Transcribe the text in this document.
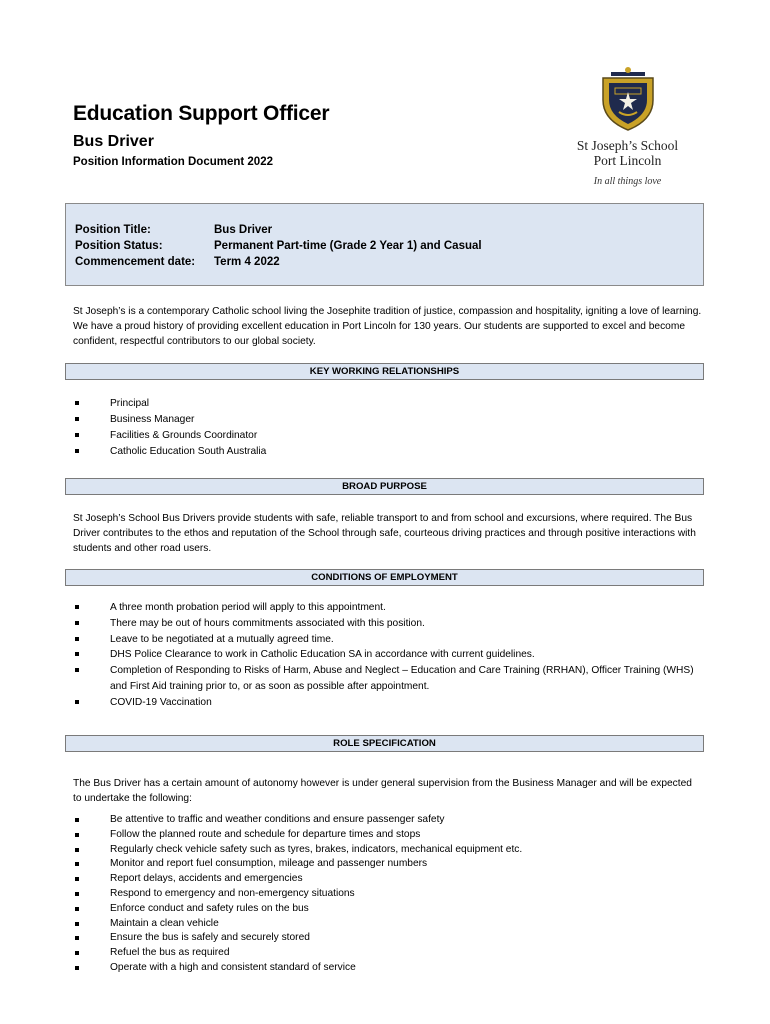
Education Support Officer
Bus Driver
Position Information Document 2022
St Joseph’s School
Port Lincoln
In all things love
Position Title:	Bus Driver
Position Status:	Permanent Part-time (Grade 2 Year 1) and Casual
Commencement date: Term 4 2022

St Joseph’s is a contemporary Catholic school living the Josephite tradition of justice, compassion and hospitality, igniting a love of learning. We have a proud history of providing excellent education in Port Lincoln for 130 years. Our students are supported to excel and become confident, respectful contributors to our global society.

KEY WORKING RELATIONSHIPS
Principal
Business Manager
Facilities & Grounds Coordinator
Catholic Education South Australia
BROAD PURPOSE

St Joseph’s School Bus Drivers provide students with safe, reliable transport to and from school and excursions, where required. The Bus Driver contributes to the ethos and reputation of the School through safe, courteous driving practices and through positive interactions with students and other road users.

CONDITIONS OF EMPLOYMENT
A three month probation period will apply to this appointment.
There may be out of hours commitments associated with this position.
Leave to be negotiated at a mutually agreed time.
DHS Police Clearance to work in Catholic Education SA in accordance with current guidelines.
Completion of Responding to Risks of Harm, Abuse and Neglect – Education and Care Training (RRHAN), Officer Training (WHS) and First Aid training prior to, or as soon as possible after appointment.
COVID-19 Vaccination
ROLE SPECIFICATION

The Bus Driver has a certain amount of autonomy however is under general supervision from the Business Manager and will be expected to undertake the following:

Be attentive to traffic and weather conditions and ensure passenger safety
Follow the planned route and schedule for departure times and stops
Regularly check vehicle safety such as tyres, brakes, indicators, mechanical equipment etc.
Monitor and report fuel consumption, mileage and passenger numbers
Report delays, accidents and emergencies
Respond to emergency and non-emergency situations
Enforce conduct and safety rules on the bus
Maintain a clean vehicle
Ensure the bus is safely and securely stored
Refuel the bus as required
Operate with a high and consistent standard of service
